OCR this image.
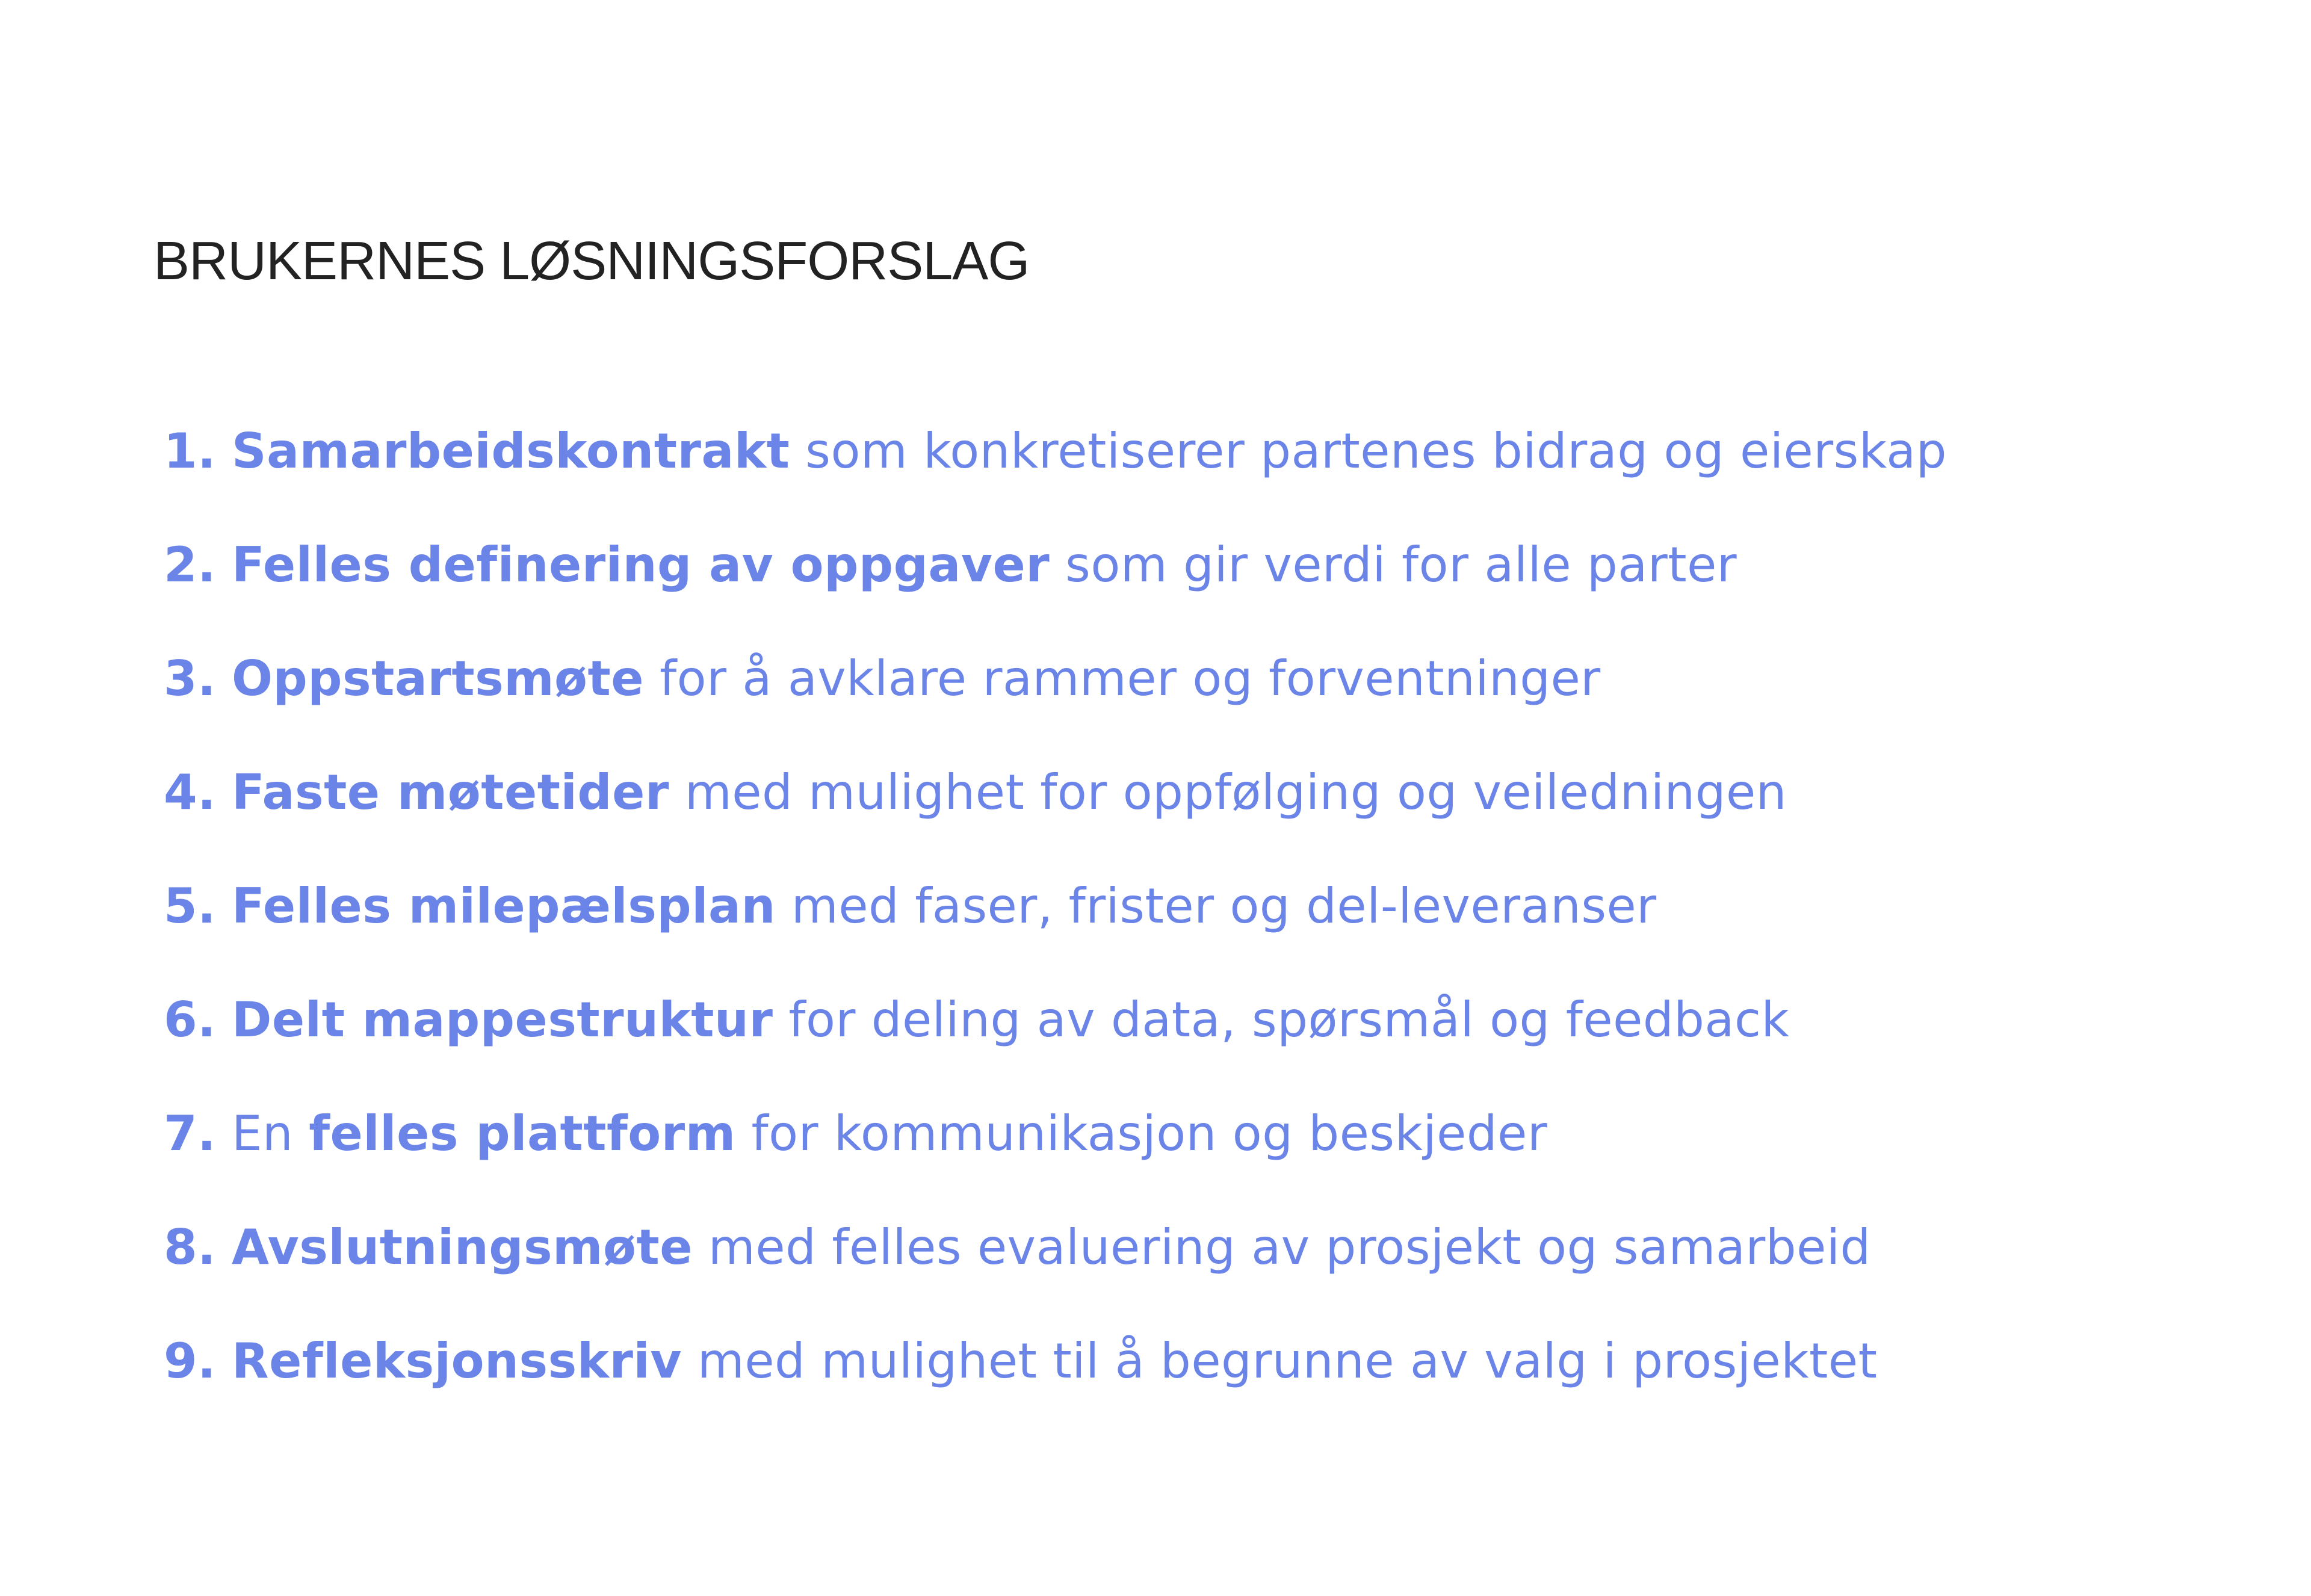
BRUKERNES LØSNINGSFORSLAG
1. Samarbeidskontrakt som konkretiserer partenes bidrag og eierskap
2. Felles definering av oppgaver som gir verdi for alle parter
3. Oppstartsmøte for å avklare rammer og forventninger
4. Faste møtetider med mulighet for oppfølging og veiledningen
5. Felles milepælsplan med faser, frister og del-leveranser
6. Delt mappestruktur for deling av data, spørsmål og feedback
7. En felles plattform for kommunikasjon og beskjeder
8. Avslutningsmøte med felles evaluering av prosjekt og samarbeid
9. Refleksjonsskriv med mulighet til å begrunne av valg i prosjektet
